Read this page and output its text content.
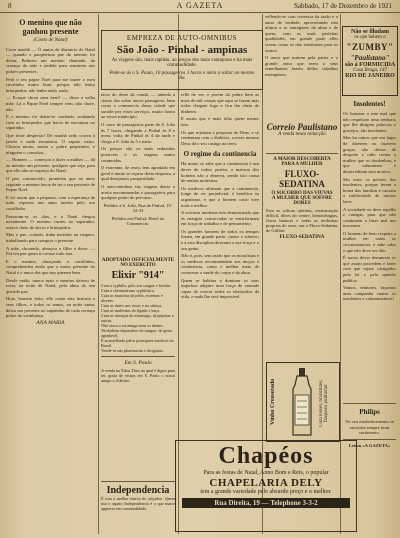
8	A GAZETA	Sabbado, 17 de Dezembro de 1921
O menino que não ganhou presente
(Conto de Natal)

Certa manhã — Ó annos de distancia de Natal — quando o paupérrimo pae do menino foi deitar, Belmiro um menino chamado, da creança da mãe e pedida para reunirem nos pobres presentes.

Pedi ó seu papae Noel para me trazer o meu cavalinho muito bom, porque não tenho brinquedos; não tenho nada, nada.

— Porque chora meu bem? — disse a velha mãe. Lá o Papae Noel sempre vem; não chore, não.

E o menino foi deitar-se confiado, sonhando com os brinquedos que havia de encontrar no sapatinho.

Que triste despertar! De manhã cedo correu à janela e nada encontrou. O sapato vazio. Chorou muito, muito o pobre pequenino, e ninguém o consolou.

— Homem — começou a dizer a mulher — dá ao menino um presente, qualquer que seja, para que elle não se esqueça do Natal.

O pae, commovido, prometeu que no anno seguinte o menino havia de ter o seu presente de Papae Noel.

E foi assim que o pequeno, com a esperança de tudo, esperou um anno inteiro pelo seu cavallinho.

Passaram-se os dias, e o Natal chegou novamente. O menino correu ao sapatinho: estava cheio de doces e brinquedos.

Mas o pae, coitado, tinha morrido na vespera, trabalhando para comprar o presente.

A mãe, chorando, abraçou o filho e disse: — Foi teu pae quem te trouxe tudo isto.

E o menino, abraçando o cavallinho, comprehendeu então que o maior presente do Natal é o amor dos que nos querem bem.

Desde então, nunca mais o menino deixou de rezar, na noite de Natal, pela alma do seu querido pae.

Hoje, homem feito, elle conta esta historia a seus filhos, e todos os annos, na noite santa, deixa um presente no sapatinho de cada creança pobre da vizinhança.

ANA MARIA
EMPREZA DE AUTO-OMNIBUS
São João - Pinhal - ampinas
As viagens são, mais rapidas, ao preços dos mais vantajosos e ha mais commodidade.
Pede-se ás o S. Paulo, 10 passageiros 3 horas e meia a voltar ao mesmo dia.

tacto do deste da caindo — attenda a classe dos sobre aterro passageiro, bem como o commercio dessa cidade que sacode por esses serviços, muito honra ao nosso municipio.

O carro de passageiros parte de S. João ás 7 horas, chegando a Pinhal ás 8 e meia; volta de Pinhal ás 4 da tarde e chega a S. João ás 5 e meia.

Os preços são os mais reduzidos possiveis e as viagens muito commodas.

O estreante, de resto, tem agradado em geral e muito se espera desta empreza, a qual desejamos prosperidade.

O auto-omnibus faz viagem diaria e aceita encommendas e passageiros para qualquer ponto do percurso.

Pedidos a S. João, Rua de Pinhal, 15-32-33

Pedidos em Pinhal: Hotel do Commercio.

ADOPTADO OFFICIALMENTE NO EXERCITO
Elixir "914"
Cura a syphilis, pelo seu sangue e feridas.
Cura o rheumatismo syphilitico.
Cura as manchas da pelle, eczemas e ulceras.
Cura as dores nos ossos e na cabeça.
Cura as molestias do figado e baço.
Cura as doenças do estomago, dyspepsias e outras.
Não ataca o estomago nem os dentes.
Verdadeiro depurativo do sangue, de gosto agradavel.
É aconselhado pelos principaes medicos do Brasil.
Vende-se nas pharmacias e drogarias.
Em S. Paulo
A venda no Edou Theo na qual é digno para ter, gosta de visitas em S. Paulo o nosso amigo o Adelino.
Independencia
É esta a melhor marca de calçados. Quem usa o sapato Independencia é o que maior apprecia em commodidade.

relle de ver, e porém do pobre bem as mais de mil cousas que aqui se fazem mas todas chegam logo e fica tão cheia de dinheiro.

E assim que é mais feliz quem menos tem.

Os que rejeitam a proposta de Deus, e se contentam com o dinheiro, a esses mesmo Deus dá o seu castigo na terra.

O regime da continencia

Ha muito se sabe que a continencia é um dever de todos; porém, a maioria dos homens não a observa, sendo isto causa de muitas molestias.

Os medicos afirmam que a continencia, longe de ser prejudicial, é benéfica ao organismo, e que o homem casto vive mais e melhor.

A sciencia moderna tem demonstrado que as energias conservadas se transformam em força de trabalho e de pensamento.

Os grandes homens de todos os tempos foram, em grande parte, castos e sobrios; e a esta disciplina deveram a sua força e o seu genio.

Não é, pois, sem razão que os moralistas e os medicos recommendam aos moços a continencia, como o melhor meio de conservar a saude do corpo e da alma.

Quem se habitua a dominar os seus impulsos adquire uma força de vontade capaz de vencer todos os obstaculos da vida, e nada lhe será impossivel.

vellendo-se com conversa da razão e o amor de verdade, aproveitando esta ultima a se entreguem da alma e de quem, com as mais perfeitas qualidades, em grande parte elles vivem como se não existissem para os outros.

O amor que nutrem pela patria e o grande amor que teem a seus semelhantes fazem delles cidadãos exemplares.

Correio Paulistano
A venda nesta redacção
A MAIOR DESCOBERTA
PARA A MULHER
FLUXO-SEDATINA
O SOCORRO DAS VIUVAS
A MULHER QUE SOFFRE DORES
Para as colicas uterinas, menstruação difficil, dôres do ventre, hemorrhagias, flores brancas e todas as molestias proprias do sexo, use o Fluxo-Sedatina, de Giffoni.
FLUXO-SEDATINA
Vinho Creosotado	Cura tosses, bronchites, fraqueza pulmonar
Chapéos
Para as festas de Natal, Anno Bom e Reis, o popular
CHAPELARIA DELY
tem a grande variedade pelo absurdo preço e o melhor.
Rua Direita, 19 — Telephone 3-3-2
Não se illudam
os que bebem o
"ZUMBY"
"Paulistano"
são á FORMICIDA
Casa Braga, 147
RIO DE JANEIRO
Insolentes!

Os homens a este mal que não respeitam uma senhora, que lhe dirigem palavras e gracejos, são insolentes.

Mas ha outros que em lugar de dizerem ou fazerem graças, são cheios de despeito e odio contra a mulher que os desdenhou, e que calumniam e desacreditam sem motivo.

São estes os peiores dos insolentes, porque ferem a honra das familias e causam a infelicidade de muitos lares.

A sociedade os deve repellir e castigar, para que não continuem a fazer mal aos inocentes.

O homem de bem respeita a mulher em todas as circumstancias, e sabe calar o que não deve ser dito.

É nosso dever denunciar os que assim procedem e fazer com que sejam castigados pela lei e pela opinião publica.

Vamos, senhores, façamos uma campanha contra os insolentes e calumniadores!

Philips

No seu estabelecimento se encontra sempre bom sortimento.

Leiam «A GAZETA»
